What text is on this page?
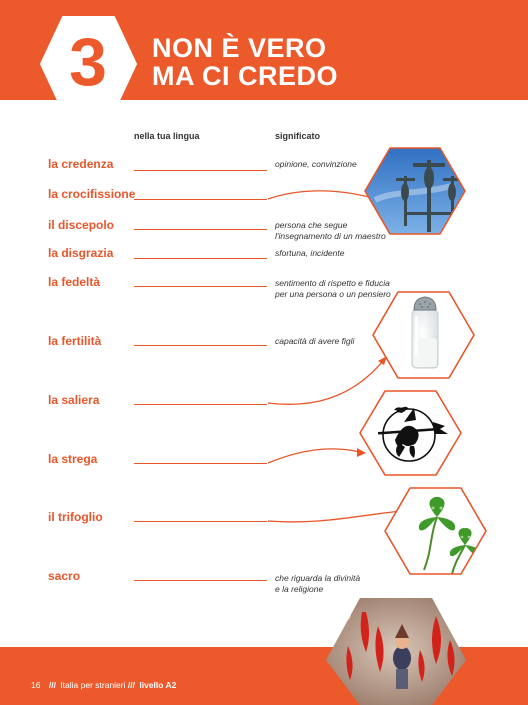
3	NON È VERO
MA CI CREDO
nella tua lingua	significato
la credenza	opinione, convinzione
la crocifissione
il discepolo	persona che segue
l'insegnamento di un maestro
la disgrazia	sfortuna, incidente
la fedeltà	sentimento di rispetto e fiducia
per una persona o un pensiero
la fertilità	capacità di avere figli
la saliera
la strega
il trifoglio
sacro	che riguarda la divinità
e la religione
16 /// Italia per stranieri /// livello A2
